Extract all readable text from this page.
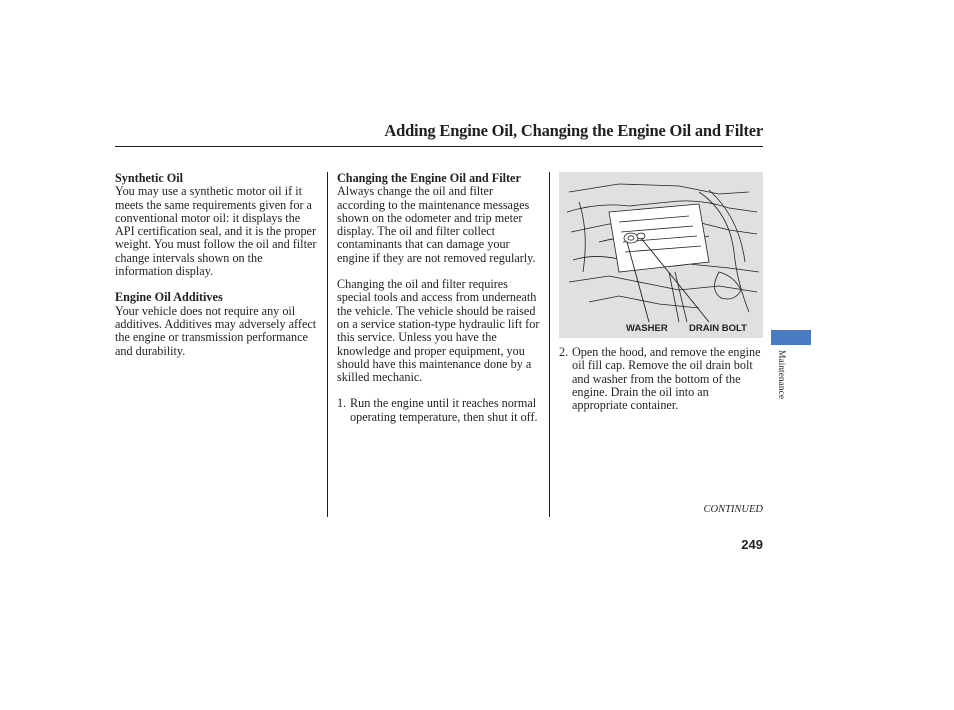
Adding Engine Oil, Changing the Engine Oil and Filter

Synthetic Oil

You may use a synthetic motor oil if it meets the same requirements given for a conventional motor oil: it displays the API certification seal, and it is the proper weight. You must follow the oil and filter change intervals shown on the information display.

Engine Oil Additives

Your vehicle does not require any oil additives. Additives may adversely affect the engine or transmission performance and durability.

Changing the Engine Oil and Filter

Always change the oil and filter according to the maintenance messages shown on the odometer and trip meter display. The oil and filter collect contaminants that can damage your engine if they are not removed regularly.

Changing the oil and filter requires special tools and access from underneath the vehicle. The vehicle should be raised on a service station-type hydraulic lift for this service. Unless you have the knowledge and proper equipment, you should have this maintenance done by a skilled mechanic.

1. Run the engine until it reaches normal operating temperature, then shut it off.
WASHER DRAIN BOLT
2. Open the hood, and remove the engine oil fill cap. Remove the oil drain bolt and washer from the bottom of the engine. Drain the oil into an appropriate container.
CONTINUED
249
Maintenance
